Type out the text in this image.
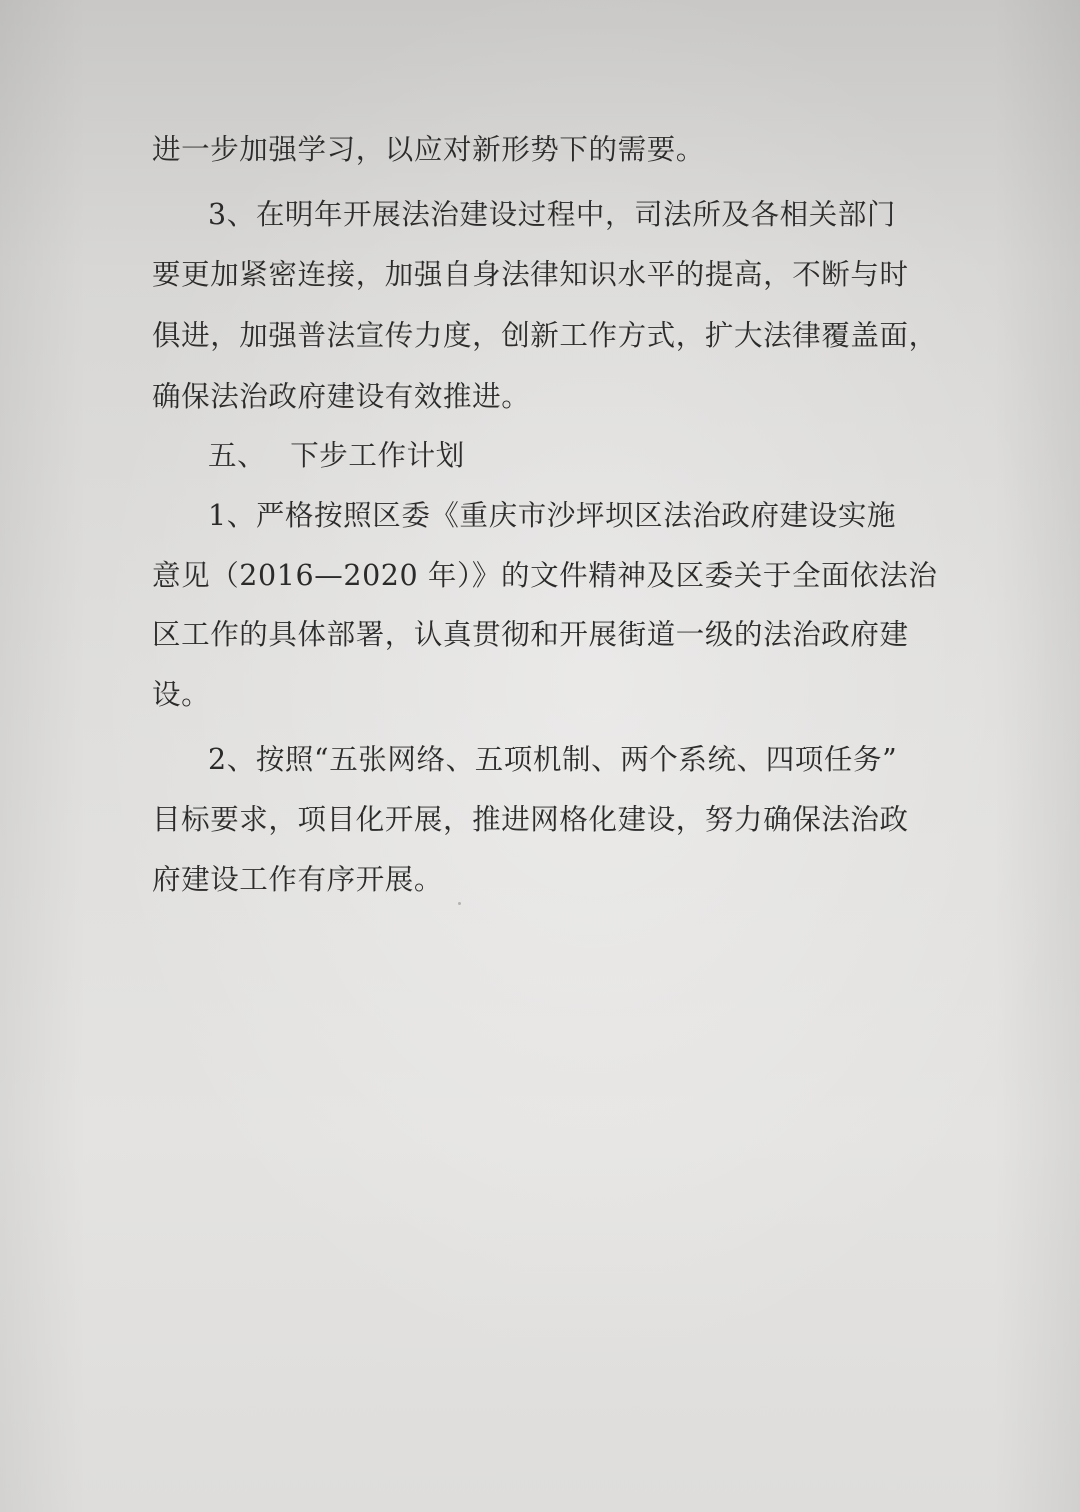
进一步加强学习，以应对新形势下的需要。
3、在明年开展法治建设过程中，司法所及各相关部门
要更加紧密连接，加强自身法律知识水平的提高，不断与时
俱进，加强普法宣传力度，创新工作方式，扩大法律覆盖面，
确保法治政府建设有效推进。
五、 下步工作计划
1、严格按照区委《重庆市沙坪坝区法治政府建设实施
意见（2016—2020 年）》的文件精神及区委关于全面依法治
区工作的具体部署，认真贯彻和开展街道一级的法治政府建
设。
2、按照“五张网络、五项机制、两个系统、四项任务”
目标要求，项目化开展，推进网格化建设，努力确保法治政
府建设工作有序开展。
